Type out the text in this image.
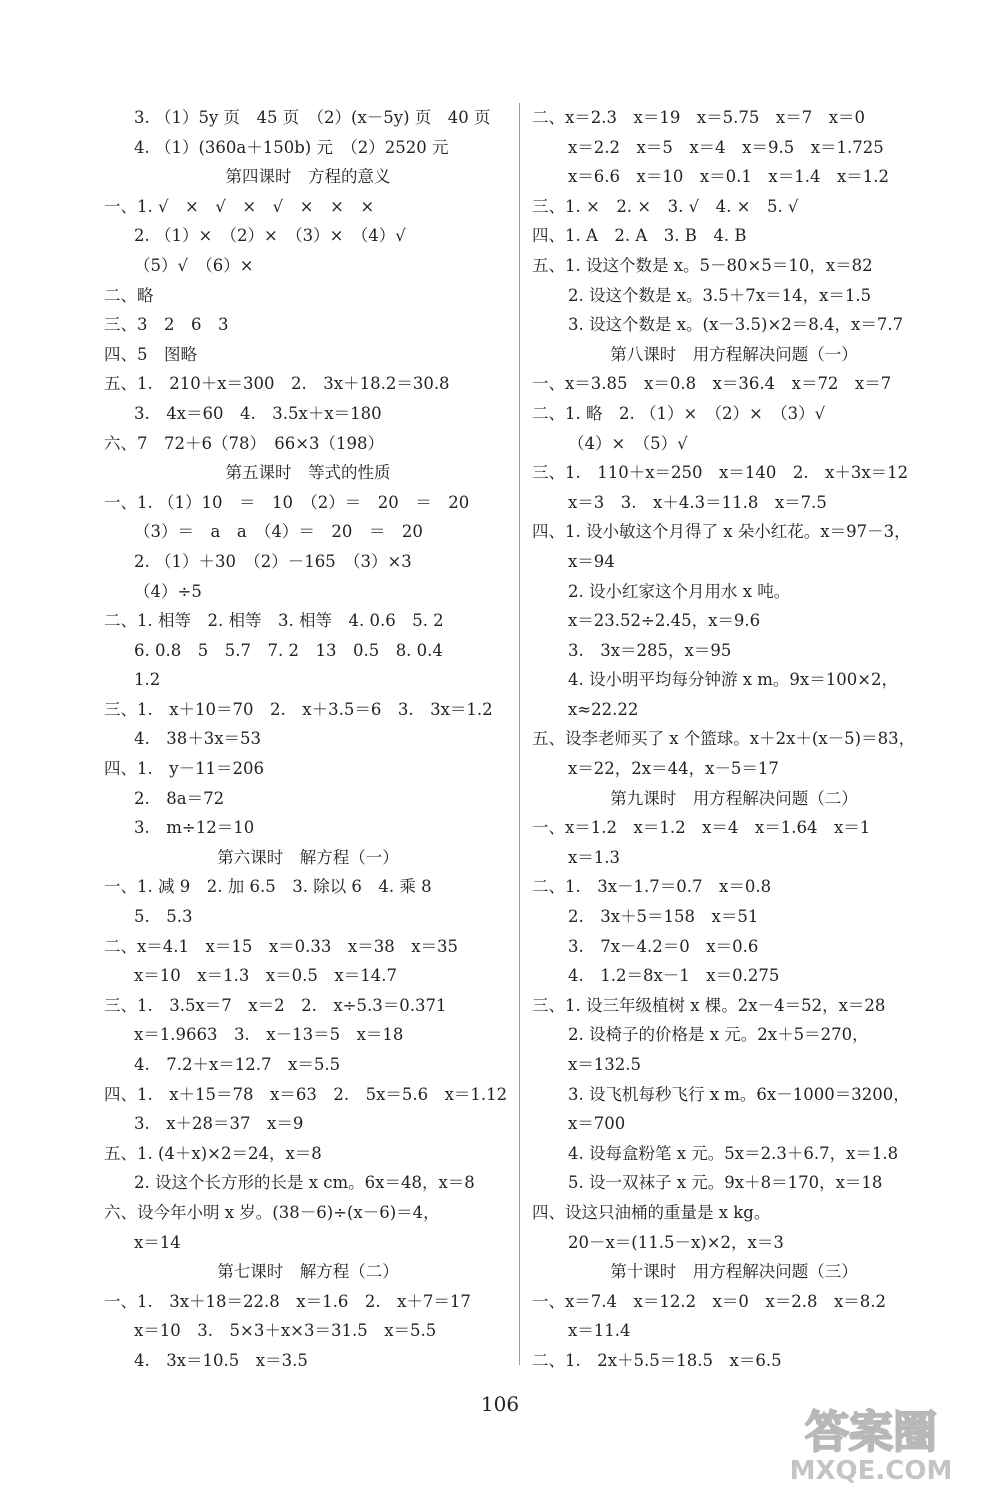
3. （1）5y 页　45 页　（2）(x－5y) 页　40 页
4. （1）(360a＋150b) 元　（2）2520 元
第四课时　方程的意义
一、1. √　×　√　×　√　×　×　×
2. （1）×　（2）×　（3）×　（4）√
（5）√　（6）×
二、略
三、3　2　6　3
四、5　图略
五、1.　210＋x＝300　2.　3x＋18.2＝30.8
3.　4x＝60　4.　3.5x＋x＝180
六、7　72＋6（78）　66×3（198）
第五课时　等式的性质
一、1. （1）10　＝　10　（2）＝　20　＝　20
（3）＝　a　a　（4）＝　20　＝　20
2. （1）＋30　（2）－165　（3）×3
（4）÷5
二、1. 相等　2. 相等　3. 相等　4. 0.6　5. 2
6. 0.8　5　5.7　7. 2　13　0.5　8. 0.4
1.2
三、1.　x＋10＝70　2.　x＋3.5＝6　3.　3x＝1.2
4.　38＋3x＝53
四、1.　y－11＝206
2.　8a＝72
3.　m÷12＝10
第六课时　解方程（一）
一、1. 减 9　2. 加 6.5　3. 除以 6　4. 乘 8
5.　5.3
二、x＝4.1　x＝15　x＝0.33　x＝38　x＝35
x＝10　x＝1.3　x＝0.5　x＝14.7
三、1.　3.5x＝7　x＝2　2.　x÷5.3＝0.371
x＝1.9663　3.　x－13＝5　x＝18
4.　7.2＋x＝12.7　x＝5.5
四、1.　x＋15＝78　x＝63　2.　5x＝5.6　x＝1.12
3.　x＋28＝37　x＝9
五、1. (4＋x)×2＝24，x＝8
2. 设这个长方形的长是 x cm。6x＝48，x＝8
六、设今年小明 x 岁。(38－6)÷(x－6)＝4，
x＝14
第七课时　解方程（二）
一、1.　3x＋18＝22.8　x＝1.6　2.　x＋7＝17
x＝10　3.　5×3＋x×3＝31.5　x＝5.5
4.　3x＝10.5　x＝3.5
二、x＝2.3　x＝19　x＝5.75　x＝7　x＝0
x＝2.2　x＝5　x＝4　x＝9.5　x＝1.725
x＝6.6　x＝10　x＝0.1　x＝1.4　x＝1.2
三、1. ×　2. ×　3. √　4. ×　5. √
四、1. A　2. A　3. B　4. B
五、1. 设这个数是 x。5－80×5＝10，x＝82
2. 设这个数是 x。3.5＋7x＝14，x＝1.5
3. 设这个数是 x。(x－3.5)×2＝8.4，x＝7.7
第八课时　用方程解决问题（一）
一、x＝3.85　x＝0.8　x＝36.4　x＝72　x＝7
二、1. 略　2. （1）×　（2）×　（3）√
（4）×　（5）√
三、1.　110＋x＝250　x＝140　2.　x＋3x＝12
x＝3　3.　x＋4.3＝11.8　x＝7.5
四、1. 设小敏这个月得了 x 朵小红花。x＝97－3，
x＝94
2. 设小红家这个月用水 x 吨。
x＝23.52÷2.45，x＝9.6
3.　3x＝285，x＝95
4. 设小明平均每分钟游 x m。9x＝100×2，
x≈22.22
五、设李老师买了 x 个篮球。x＋2x＋(x－5)＝83，
x＝22，2x＝44，x－5＝17
第九课时　用方程解决问题（二）
一、x＝1.2　x＝1.2　x＝4　x＝1.64　x＝1
x＝1.3
二、1.　3x－1.7＝0.7　x＝0.8
2.　3x＋5＝158　x＝51
3.　7x－4.2＝0　x＝0.6
4.　1.2＝8x－1　x＝0.275
三、1. 设三年级植树 x 棵。2x－4＝52，x＝28
2. 设椅子的价格是 x 元。2x＋5＝270，
x＝132.5
3. 设飞机每秒飞行 x m。6x－1000＝3200，
x＝700
4. 设每盒粉笔 x 元。5x＝2.3＋6.7，x＝1.8
5. 设一双袜子 x 元。9x＋8＝170，x＝18
四、设这只油桶的重量是 x kg。
20－x＝(11.5－x)×2，x＝3
第十课时　用方程解决问题（三）
一、x＝7.4　x＝12.2　x＝0　x＝2.8　x＝8.2
x＝11.4
二、1.　2x＋5.5＝18.5　x＝6.5
106
答案圈
MXQE.COM
